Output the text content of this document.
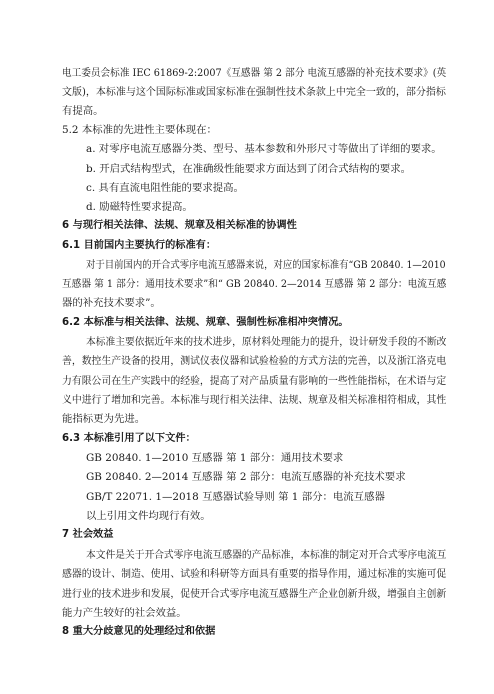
电工委员会标准 IEC 61869-2:2007《互感器 第 2 部分 电流互感器的补充技术要求》(英
文版)，本标准与这个国际标准或国家标准在强制性技术条款上中完全一致的，部分指标
有提高。
5.2 本标准的先进性主要体现在：
a. 对零序电流互感器分类、型号、基本参数和外形尺寸等做出了详细的要求。
b. 开启式结构型式，在准确级性能要求方面达到了闭合式结构的要求。
c. 具有直流电阻性能的要求提高。
d. 励磁特性要求提高。
6 与现行相关法律、法规、规章及相关标准的协调性
6.1 目前国内主要执行的标准有：
对于目前国内的开合式零序电流互感器来说，对应的国家标准有“GB 20840. 1—2010
互感器 第 1 部分：通用技术要求”和“ GB 20840. 2—2014 互感器 第 2 部分：电流互感
器的补充技术要求”。
6.2 本标准与相关法律、法规、规章、强制性标准相冲突情况。
本标准主要依据近年来的技术进步，原材料处理能力的提升，设计研发手段的不断改
善，数控生产设备的投用，测试仪表仪器和试验检验的方式方法的完善，以及浙江洛克电
力有限公司在生产实践中的经验，提高了对产品质量有影响的一些性能指标，在术语与定
义中进行了增加和完善。本标准与现行相关法律、法规、规章及相关标准相符相成，其性
能指标更为先进。
6.3 本标准引用了以下文件：
GB 20840. 1—2010 互感器 第 1 部分：通用技术要求
GB 20840. 2—2014 互感器 第 2 部分：电流互感器的补充技术要求
GB/T 22071. 1—2018 互感器试验导则 第 1 部分：电流互感器
以上引用文件均现行有效。
7 社会效益
本文件是关于开合式零序电流互感器的产品标准，本标准的制定对开合式零序电流互
感器的设计、制造、使用、试验和科研等方面具有重要的指导作用，通过标准的实施可促
进行业的技术进步和发展，促使开合式零序电流互感器生产企业创新升级，增强自主创新
能力产生较好的社会效益。
8 重大分歧意见的处理经过和依据
